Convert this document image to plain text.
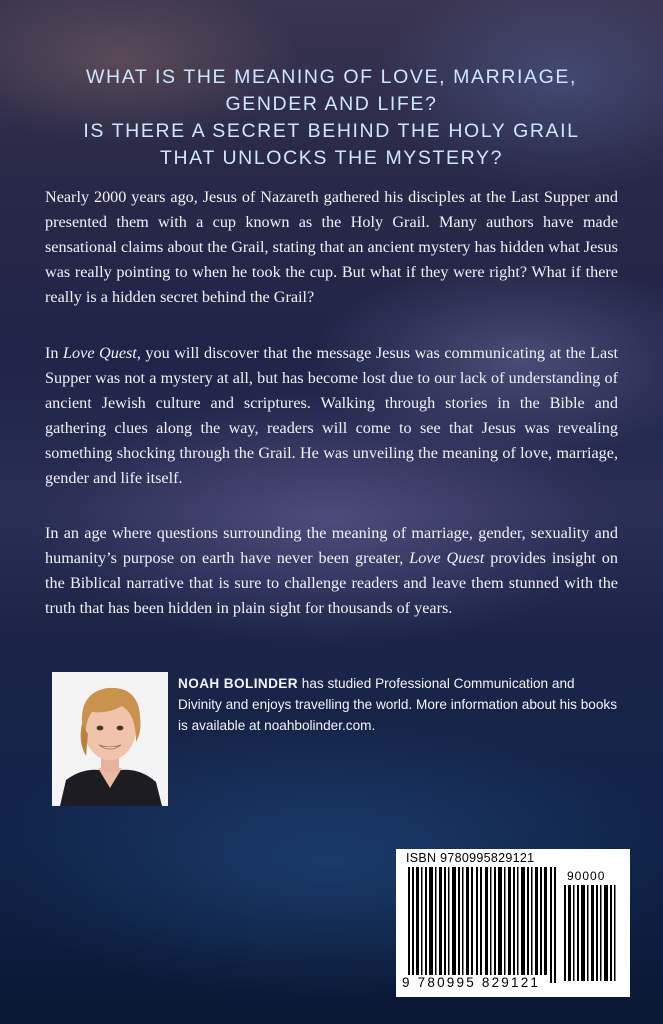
WHAT IS THE MEANING OF LOVE, MARRIAGE,
GENDER AND LIFE?
IS THERE A SECRET BEHIND THE HOLY GRAIL
THAT UNLOCKS THE MYSTERY?

Nearly 2000 years ago, Jesus of Nazareth gathered his disciples at the Last Supper and presented them with a cup known as the Holy Grail. Many authors have made sensational claims about the Grail, stating that an ancient mystery has hidden what Jesus was really pointing to when he took the cup. But what if they were right? What if there really is a hidden secret behind the Grail?

In Love Quest, you will discover that the message Jesus was communicating at the Last Supper was not a mystery at all, but has become lost due to our lack of understanding of ancient Jewish culture and scriptures. Walking through stories in the Bible and gathering clues along the way, readers will come to see that Jesus was revealing something shocking through the Grail. He was unveiling the meaning of love, marriage, gender and life itself.

In an age where questions surrounding the meaning of marriage, gender, sexuality and humanity’s purpose on earth have never been greater, Love Quest provides insight on the Biblical narrative that is sure to challenge readers and leave them stunned with the truth that has been hidden in plain sight for thousands of years.

NOAH BOLINDER has studied Professional Communication and Divinity and enjoys travelling the world. More information about his books is available at noahbolinder.com.
ISBN 9780995829121
90000
9 780995 829121
